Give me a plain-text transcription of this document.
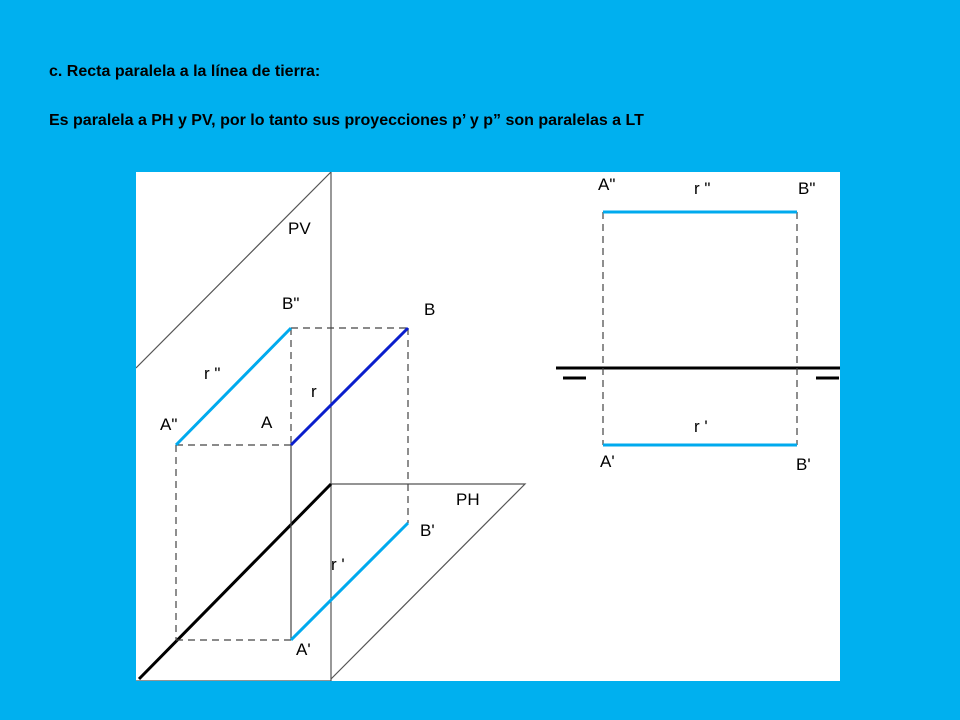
c. Recta paralela a la línea de tierra:
Es paralela a PH y PV, por lo tanto sus proyecciones p’ y p” son paralelas a LT
PV
PH
B"	B
r "
r
A"	A
B'
r '
A'
A"	r "	B"
r '
A'	B'
